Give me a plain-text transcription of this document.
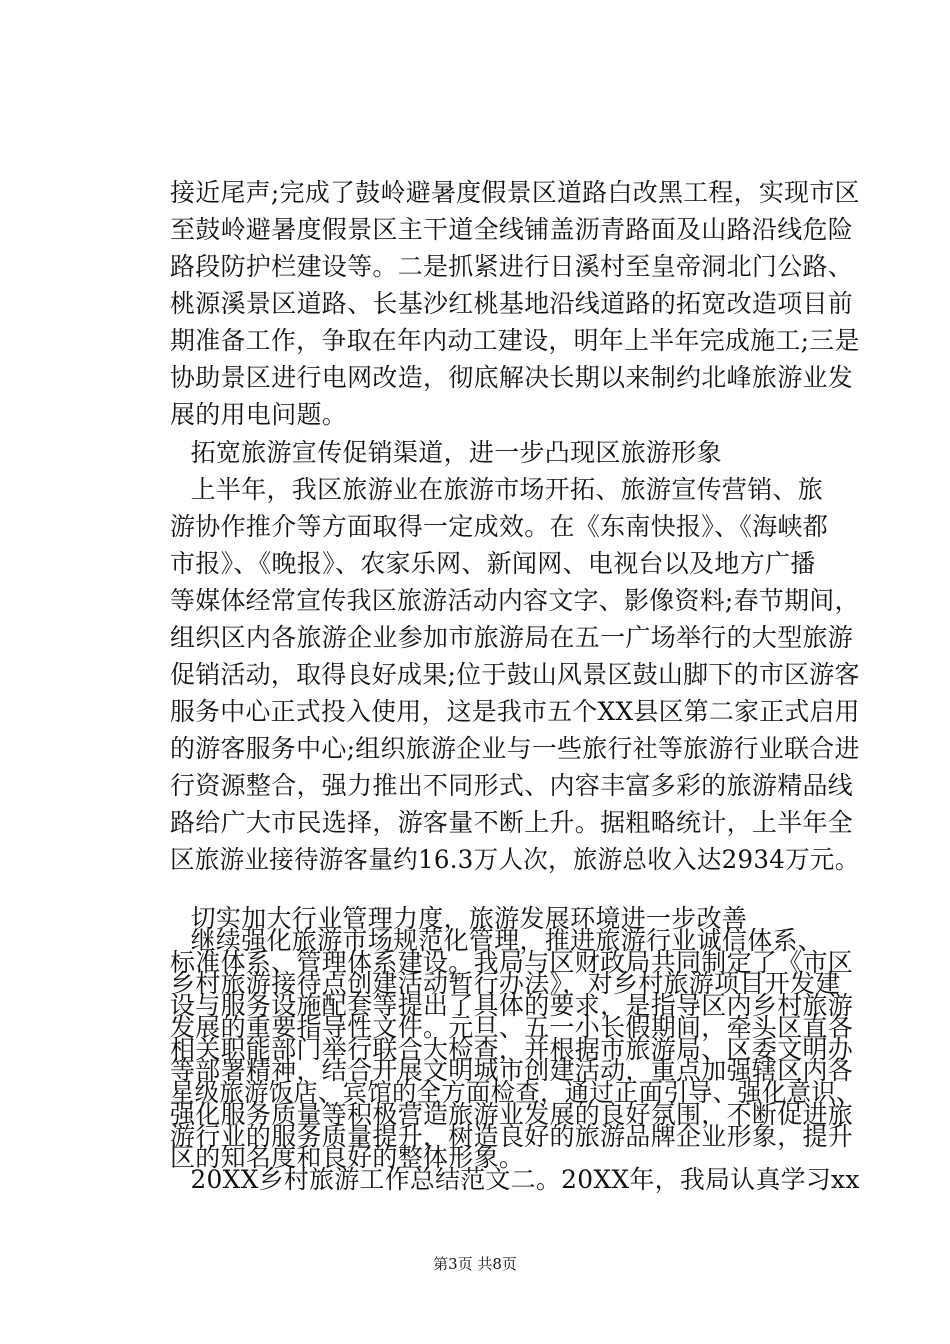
接近尾声;完成了鼓岭避暑度假景区道路白改黑工程，实现市区
至鼓岭避暑度假景区主干道全线铺盖沥青路面及山路沿线危险
路段防护栏建设等。二是抓紧进行日溪村至皇帝洞北门公路、
桃源溪景区道路、长基沙红桃基地沿线道路的拓宽改造项目前
期准备工作，争取在年内动工建设，明年上半年完成施工;三是
协助景区进行电网改造，彻底解决长期以来制约北峰旅游业发
展的用电问题。
　　拓宽旅游宣传促销渠道，进一步凸现区旅游形象
　　上半年，我区旅游业在旅游市场开拓、旅游宣传营销、旅
游协作推介等方面取得一定成效。在《东南快报》、《海峡都
市报》、《晚报》、农家乐网、新闻网、电视台以及地方广播
等媒体经常宣传我区旅游活动内容文字、影像资料;春节期间，
组织区内各旅游企业参加市旅游局在五一广场举行的大型旅游
促销活动，取得良好成果;位于鼓山风景区鼓山脚下的市区游客
服务中心正式投入使用，这是我市五个XX县区第二家正式启用
的游客服务中心;组织旅游企业与一些旅行社等旅游行业联合进
行资源整合，强力推出不同形式、内容丰富多彩的旅游精品线
路给广大市民选择，游客量不断上升。据粗略统计，上半年全
区旅游业接待游客量约16.3万人次，旅游总收入达2934万元。
　　切实加大行业管理力度，旅游发展环境进一步改善
　　继续强化旅游市场规范化管理，推进旅游行业诚信体系、
标准体系、管理体系建设。我局与区财政局共同制定了《市区
乡村旅游接待点创建活动暂行办法》，对乡村旅游项目开发建
设与服务设施配套等提出了具体的要求，是指导区内乡村旅游
发展的重要指导性文件。元旦、五一小长假期间，牵头区直各
相关职能部门举行联合大检查，并根据市旅游局、区委文明办
等部署精神，结合开展文明城市创建活动，重点加强辖区内各
星级旅游饭店、宾馆的全方面检查，通过正面引导、强化意识、
强化服务质量等积极营造旅游业发展的良好氛围，不断促进旅
游行业的服务质量提升，树造良好的旅游品牌企业形象，提升
区的知名度和良好的整体形象。
　　20XX乡村旅游工作总结范文二。20XX年，我局认真学习xx
第3页 共8页
